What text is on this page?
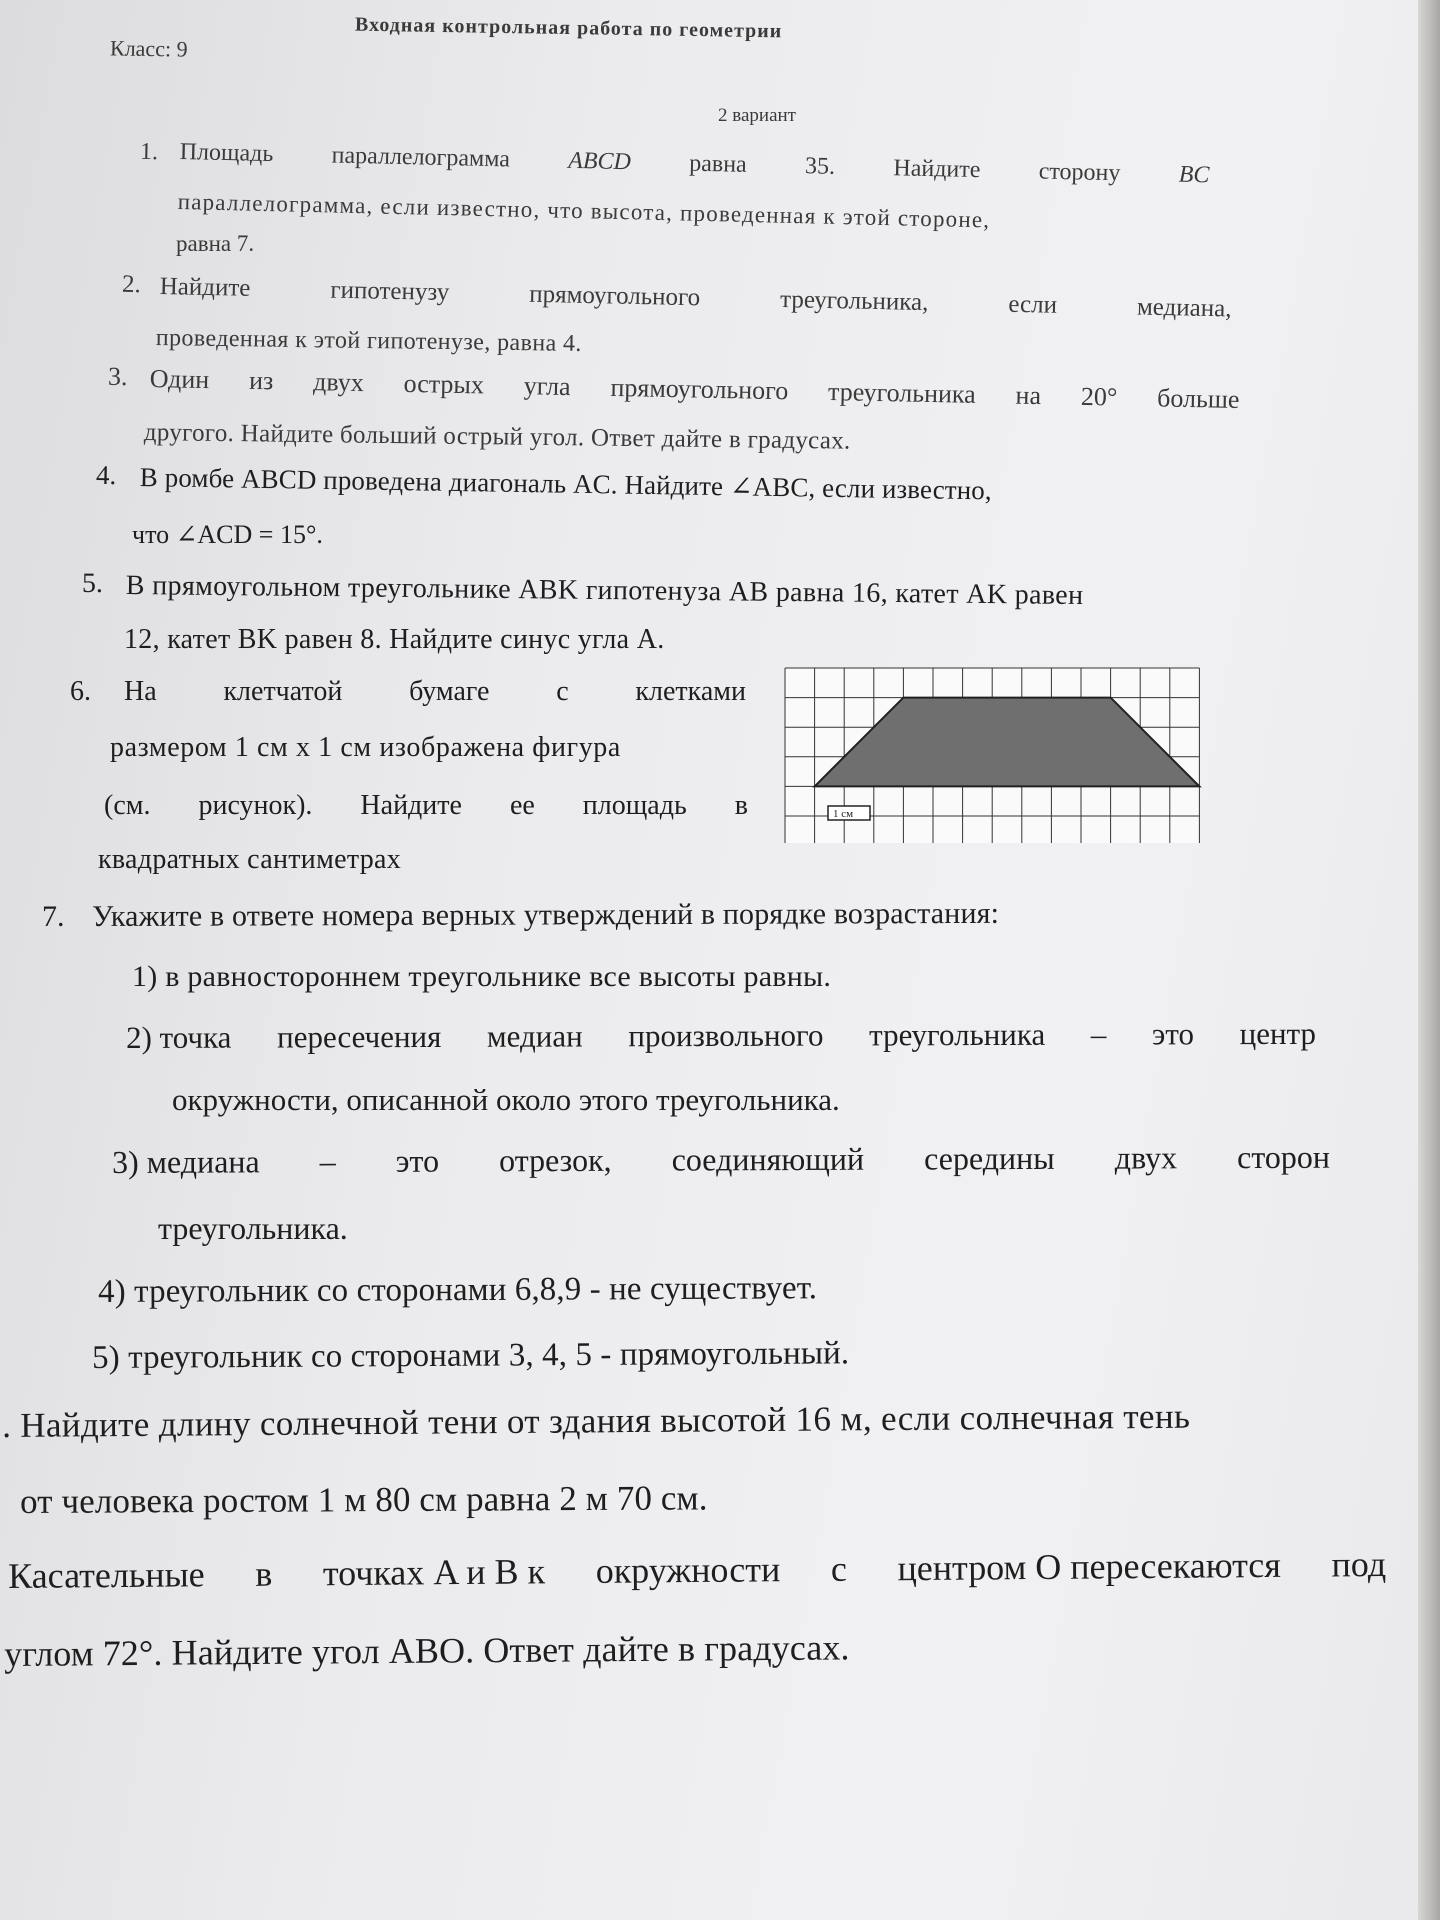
Класс: 9
Входная контрольная работа по геометрии
2 вариант
1. Площадь параллелограмма ABCD равна 35. Найдите сторону BC
параллелограмма, если известно, что высота, проведенная к этой стороне,
равна 7.
2. Найдите	гипотенузу	прямоугольного	треугольника,	если	медиана,
проведенная к этой гипотенузе, равна 4.
3. Один из двух острых угла прямоугольного треугольника на 20° больше
другого. Найдите больший острый угол. Ответ дайте в градусах.
4. В ромбе ABCD проведена диагональ AC. Найдите ∠ABC, если известно,
что ∠ACD = 15°.
5. В прямоугольном треугольнике ABK гипотенуза AB равна 16, катет AK равен
12, катет BK равен 8. Найдите синус угла A.
6. На клетчатой бумаге с клетками
размером 1 см x 1 см изображена фигура
(см. рисунок). Найдите ее площадь в
квадратных сантиметрах
1 см
7. Укажите в ответе номера верных утверждений в порядке возрастания:
1) в равностороннем треугольнике все высоты равны.
2) точка пересечения медиан произвольного треугольника – это центр
окружности, описанной около этого треугольника.
3) медиана – это отрезок, соединяющий середины двух сторон
треугольника.
4) треугольник со сторонами 6,8,9 - не существует.
5) треугольник со сторонами 3, 4, 5 - прямоугольный.
. Найдите длину солнечной тени от здания высотой 16 м, если солнечная тень
от человека ростом 1 м 80 см равна 2 м 70 см.
Касательные в точках A и B к окружности с центром O пересекаются под
углом 72°. Найдите угол ABO. Ответ дайте в градусах.
